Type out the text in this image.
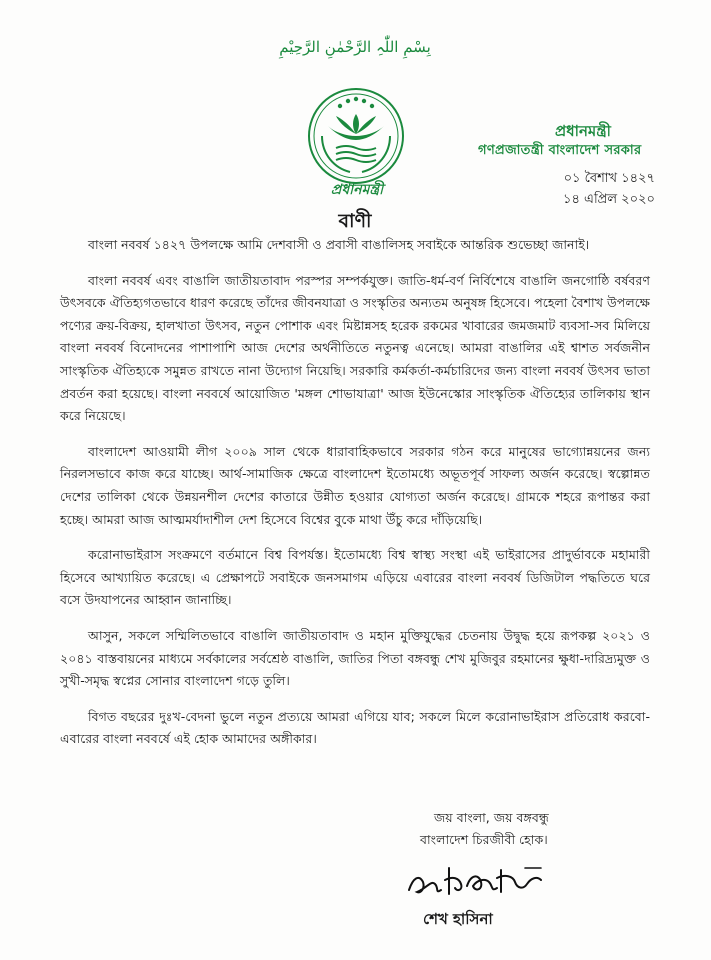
بِسْمِ اللّٰہِ الرَّحْمٰنِ الرَّحِیْمِ
প্রধানমন্ত্রী
প্রধানমন্ত্রী
গণপ্রজাতন্ত্রী বাংলাদেশ সরকার
০১ বৈশাখ ১৪২৭
১৪ এপ্রিল ২০২০
বাণী

বাংলা নববর্ষ ১৪২৭ উপলক্ষে আমি দেশবাসী ও প্রবাসী বাঙালিসহ সবাইকে আন্তরিক শুভেচ্ছা জানাই।

বাংলা নববর্ষ এবং বাঙালি জাতীয়তাবাদ পরস্পর সম্পর্কযুক্ত। জাতি-ধর্ম-বর্ণ নির্বিশেষে বাঙালি জনগোষ্ঠি বর্ষবরণ উৎসবকে ঐতিহ্যগতভাবে ধারণ করেছে তাঁদের জীবনযাত্রা ও সংস্কৃতির অন্যতম অনুষঙ্গ হিসেবে। পহেলা বৈশাখ উপলক্ষে পণ্যের ক্রয়-বিক্রয়, হালখাতা উৎসব, নতুন পোশাক এবং মিষ্টান্নসহ হরেক রকমের খাবারের জমজমাট ব্যবসা-সব মিলিয়ে বাংলা নববর্ষ বিনোদনের পাশাপাশি আজ দেশের অর্থনীতিতে নতুনত্ব এনেছে। আমরা বাঙালির এই শ্বাশত সর্বজনীন সাংস্কৃতিক ঐতিহ্যকে সমুন্নত রাখতে নানা উদ্যোগ নিয়েছি। সরকারি কর্মকর্তা-কর্মচারিদের জন্য বাংলা নববর্ষ উৎসব ভাতা প্রবর্তন করা হয়েছে। বাংলা নববর্ষে আয়োজিত 'মঙ্গল শোভাযাত্রা' আজ ইউনেস্কোর সাংস্কৃতিক ঐতিহ্যের তালিকায় স্থান করে নিয়েছে।

বাংলাদেশ আওয়ামী লীগ ২০০৯ সাল থেকে ধারাবাহিকভাবে সরকার গঠন করে মানুষের ভাগ্যোন্নয়নের জন্য নিরলসভাবে কাজ করে যাচ্ছে। আর্থ-সামাজিক ক্ষেত্রে বাংলাদেশ ইতোমধ্যে অভূতপূর্ব সাফল্য অর্জন করেছে। স্বল্পোন্নত দেশের তালিকা থেকে উন্নয়নশীল দেশের কাতারে উন্নীত হওয়ার যোগ্যতা অর্জন করেছে। গ্রামকে শহরে রূপান্তর করা হচ্ছে। আমরা আজ আত্মমর্যাদাশীল দেশ হিসেবে বিশ্বের বুকে মাথা উঁচু করে দাঁড়িয়েছি।

করোনাভাইরাস সংক্রমণে বর্তমানে বিশ্ব বিপর্যস্ত। ইতোমধ্যে বিশ্ব স্বাস্থ্য সংস্থা এই ভাইরাসের প্রাদুর্ভাবকে মহামারী হিসেবে আখ্যায়িত করেছে। এ প্রেক্ষাপটে সবাইকে জনসমাগম এড়িয়ে এবারের বাংলা নববর্ষ ডিজিটাল পদ্ধতিতে ঘরে বসে উদযাপনের আহ্বান জানাচ্ছি।

আসুন, সকলে সম্মিলিতভাবে বাঙালি জাতীয়তাবাদ ও মহান মুক্তিযুদ্ধের চেতনায় উদ্বুদ্ধ হয়ে রূপকল্প ২০২১ ও ২০৪১ বাস্তবায়নের মাধ্যমে সর্বকালের সর্বশ্রেষ্ঠ বাঙালি, জাতির পিতা বঙ্গবন্ধু শেখ মুজিবুর রহমানের ক্ষুধা-দারিদ্র্যমুক্ত ও সুখী-সমৃদ্ধ স্বপ্নের সোনার বাংলাদেশ গড়ে তুলি।

বিগত বছরের দুঃখ-বেদনা ভুলে নতুন প্রত্যয়ে আমরা এগিয়ে যাব; সকলে মিলে করোনাভাইরাস প্রতিরোধ করবো- এবারের বাংলা নববর্ষে এই হোক আমাদের অঙ্গীকার।

জয় বাংলা, জয় বঙ্গবন্ধু
বাংলাদেশ চিরজীবী হোক।
শেখ হাসিনা
